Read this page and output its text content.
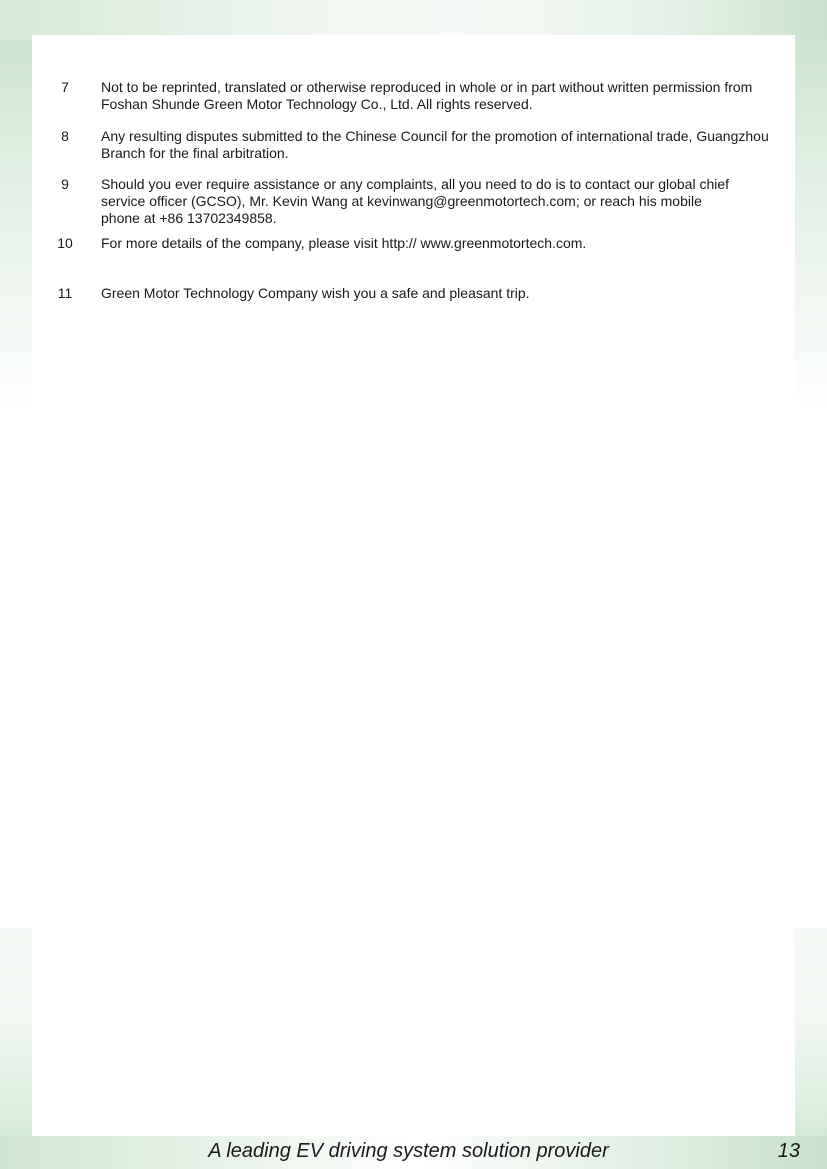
7	Not to be reprinted, translated or otherwise reproduced in whole or in part without written permission from Foshan Shunde Green Motor Technology Co., Ltd. All rights reserved.
8	Any resulting disputes submitted to the Chinese Council for the promotion of international trade, Guangzhou Branch for the final arbitration.
9	Should you ever require assistance or any complaints, all you need to do is to contact our global chief service officer (GCSO), Mr. Kevin Wang at kevinwang@greenmotortech.com; or reach his mobile phone at +86 13702349858.
10	For more details of the company, please visit http:// www.greenmotortech.com.
11	Green Motor Technology Company wish you a safe and pleasant trip.
A leading EV driving system solution provider	13
